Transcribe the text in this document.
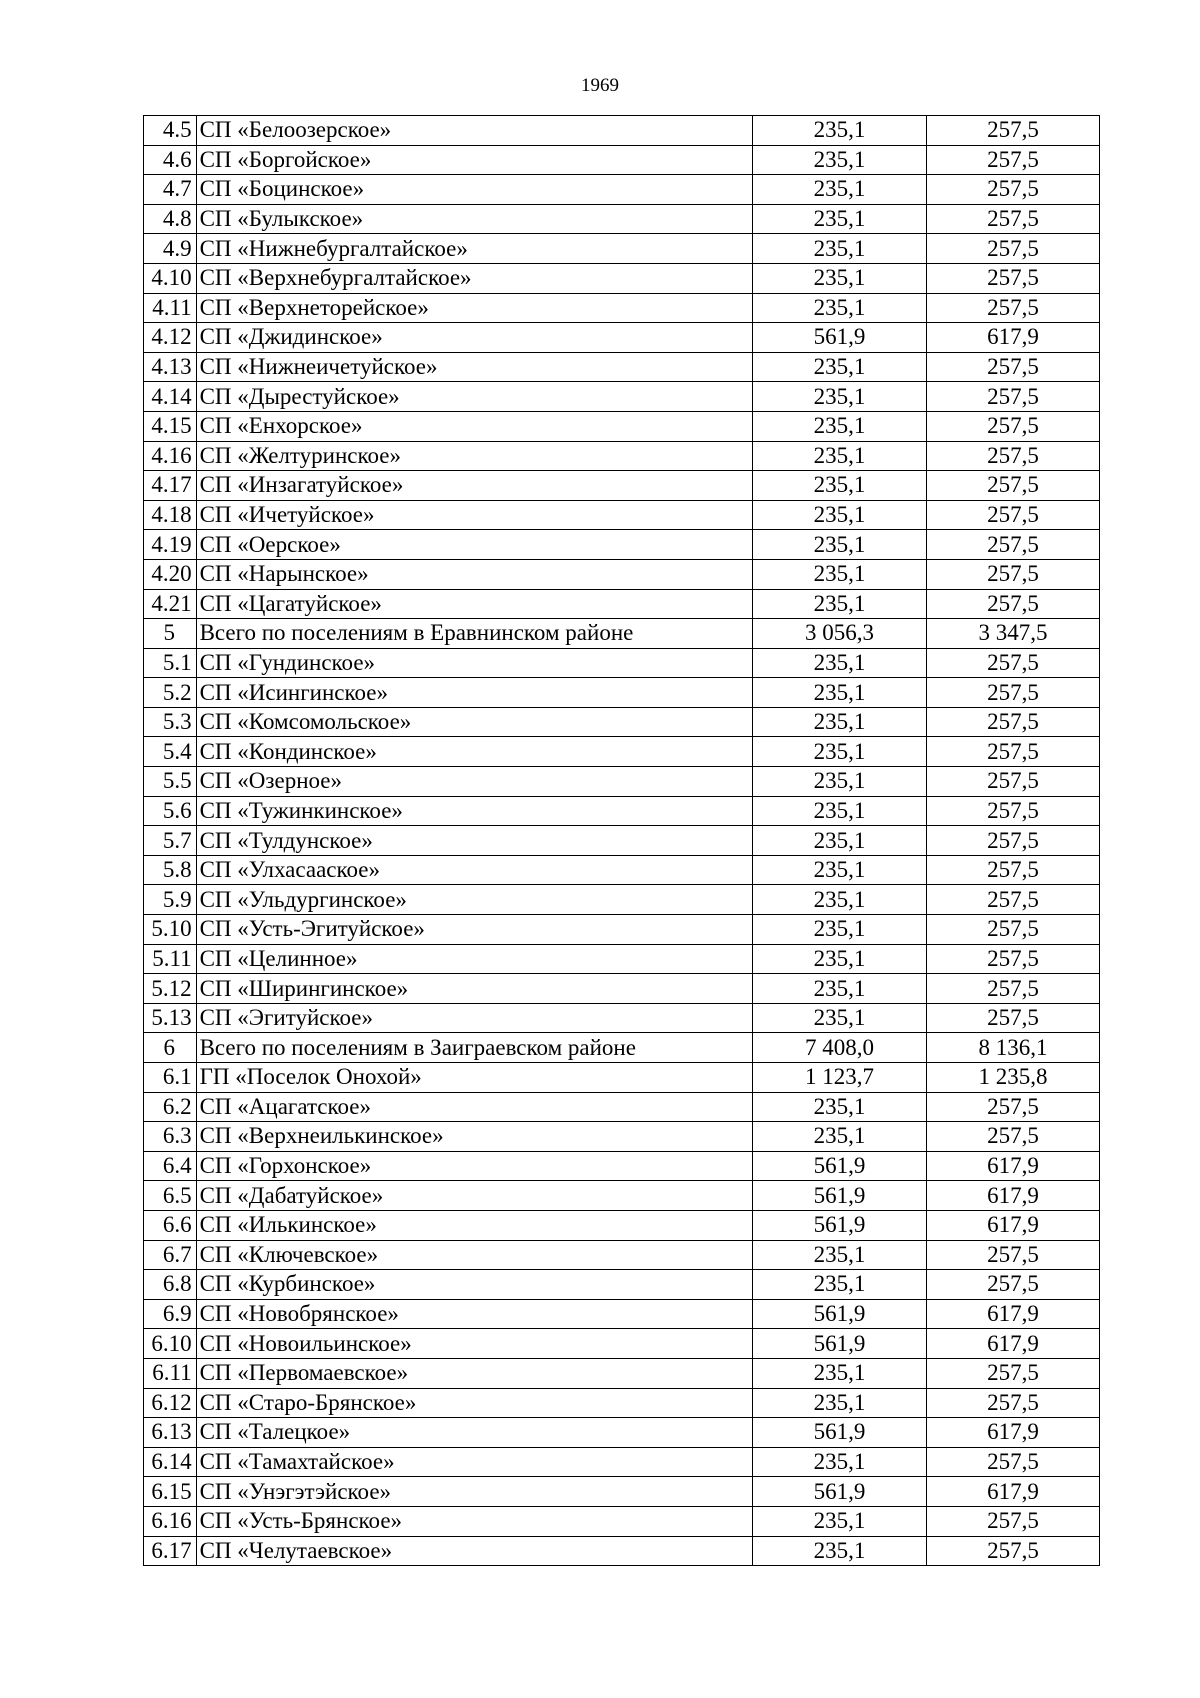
1969
4.5	СП «Белоозерское»	235,1	257,5
4.6	СП «Боргойское»	235,1	257,5
4.7	СП «Боцинское»	235,1	257,5
4.8	СП «Булыкское»	235,1	257,5
4.9	СП «Нижнебургалтайское»	235,1	257,5
4.10	СП «Верхнебургалтайское»	235,1	257,5
4.11	СП «Верхнеторейское»	235,1	257,5
4.12	СП «Джидинское»	561,9	617,9
4.13	СП «Нижнеичетуйское»	235,1	257,5
4.14	СП «Дырестуйское»	235,1	257,5
4.15	СП «Енхорское»	235,1	257,5
4.16	СП «Желтуринское»	235,1	257,5
4.17	СП «Инзагатуйское»	235,1	257,5
4.18	СП «Ичетуйское»	235,1	257,5
4.19	СП «Оерское»	235,1	257,5
4.20	СП «Нарынское»	235,1	257,5
4.21	СП «Цагатуйское»	235,1	257,5
5	Всего по поселениям в Еравнинском районе	3 056,3	3 347,5
5.1	СП «Гундинское»	235,1	257,5
5.2	СП «Исингинское»	235,1	257,5
5.3	СП «Комсомольское»	235,1	257,5
5.4	СП «Кондинское»	235,1	257,5
5.5	СП «Озерное»	235,1	257,5
5.6	СП «Тужинкинское»	235,1	257,5
5.7	СП «Тулдунское»	235,1	257,5
5.8	СП «Улхасаaское»	235,1	257,5
5.9	СП «Ульдургинское»	235,1	257,5
5.10	СП «Усть-Эгитуйское»	235,1	257,5
5.11	СП «Целинное»	235,1	257,5
5.12	СП «Ширингинское»	235,1	257,5
5.13	СП «Эгитуйское»	235,1	257,5
6	Всего по поселениям в Заиграевском районе	7 408,0	8 136,1
6.1	ГП «Поселок Онохой»	1 123,7	1 235,8
6.2	СП «Ацагатское»	235,1	257,5
6.3	СП «Верхнеилькинское»	235,1	257,5
6.4	СП «Горхонское»	561,9	617,9
6.5	СП «Дабатуйское»	561,9	617,9
6.6	СП «Илькинское»	561,9	617,9
6.7	СП «Ключевское»	235,1	257,5
6.8	СП «Курбинское»	235,1	257,5
6.9	СП «Новобрянское»	561,9	617,9
6.10	СП «Новоильинское»	561,9	617,9
6.11	СП «Первомаевское»	235,1	257,5
6.12	СП «Старо-Брянское»	235,1	257,5
6.13	СП «Талецкое»	561,9	617,9
6.14	СП «Тамахтайское»	235,1	257,5
6.15	СП «Унэгэтэйское»	561,9	617,9
6.16	СП «Усть-Брянское»	235,1	257,5
6.17	СП «Челутаевское»	235,1	257,5
